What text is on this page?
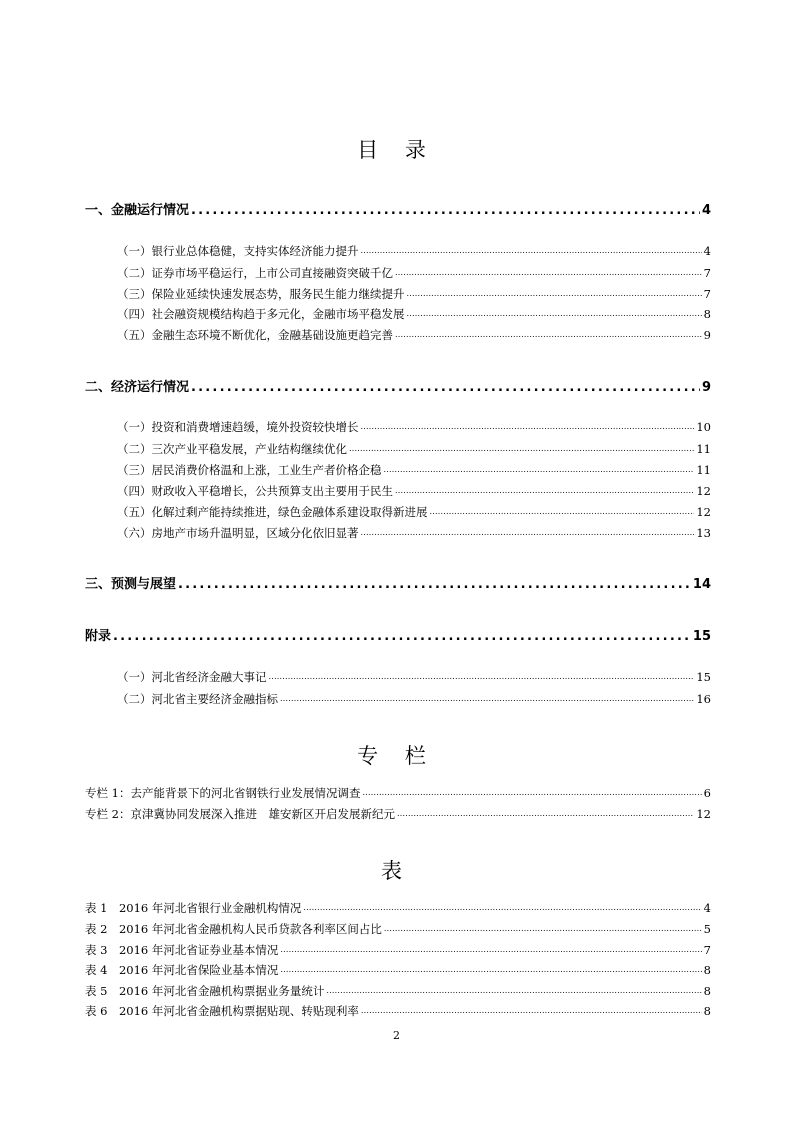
目 录
一、金融运行情况 .....	4
（一）银行业总体稳健，支持实体经济能力提升 .....	4
（二）证券市场平稳运行，上市公司直接融资突破千亿 .....	7
（三）保险业延续快速发展态势，服务民生能力继续提升 .....	7
（四）社会融资规模结构趋于多元化，金融市场平稳发展 .....	8
（五）金融生态环境不断优化，金融基础设施更趋完善 .....	9
二、经济运行情况 .....	9
（一）投资和消费增速趋缓，境外投资较快增长 .....	10
（二）三次产业平稳发展，产业结构继续优化 .....	11
（三）居民消费价格温和上涨，工业生产者价格企稳 .....	11
（四）财政收入平稳增长，公共预算支出主要用于民生 .....	12
（五）化解过剩产能持续推进，绿色金融体系建设取得新进展 .....	12
（六）房地产市场升温明显，区域分化依旧显著 .....	13
三、预测与展望 .....	14
附录 .....	15
（一）河北省经济金融大事记 .....	15
（二）河北省主要经济金融指标 .....	16
专 栏
专栏 1：去产能背景下的河北省钢铁行业发展情况调查 .....	6
专栏 2：京津冀协同发展深入推进　雄安新区开启发展新纪元 .....	12
表
表 1　2016 年河北省银行业金融机构情况 .....	4
表 2　2016 年河北省金融机构人民币贷款各利率区间占比 .....	5
表 3　2016 年河北省证券业基本情况 .....	7
表 4　2016 年河北省保险业基本情况 .....	8
表 5　2016 年河北省金融机构票据业务量统计 .....	8
表 6　2016 年河北省金融机构票据贴现、转贴现利率 .....	8
2
